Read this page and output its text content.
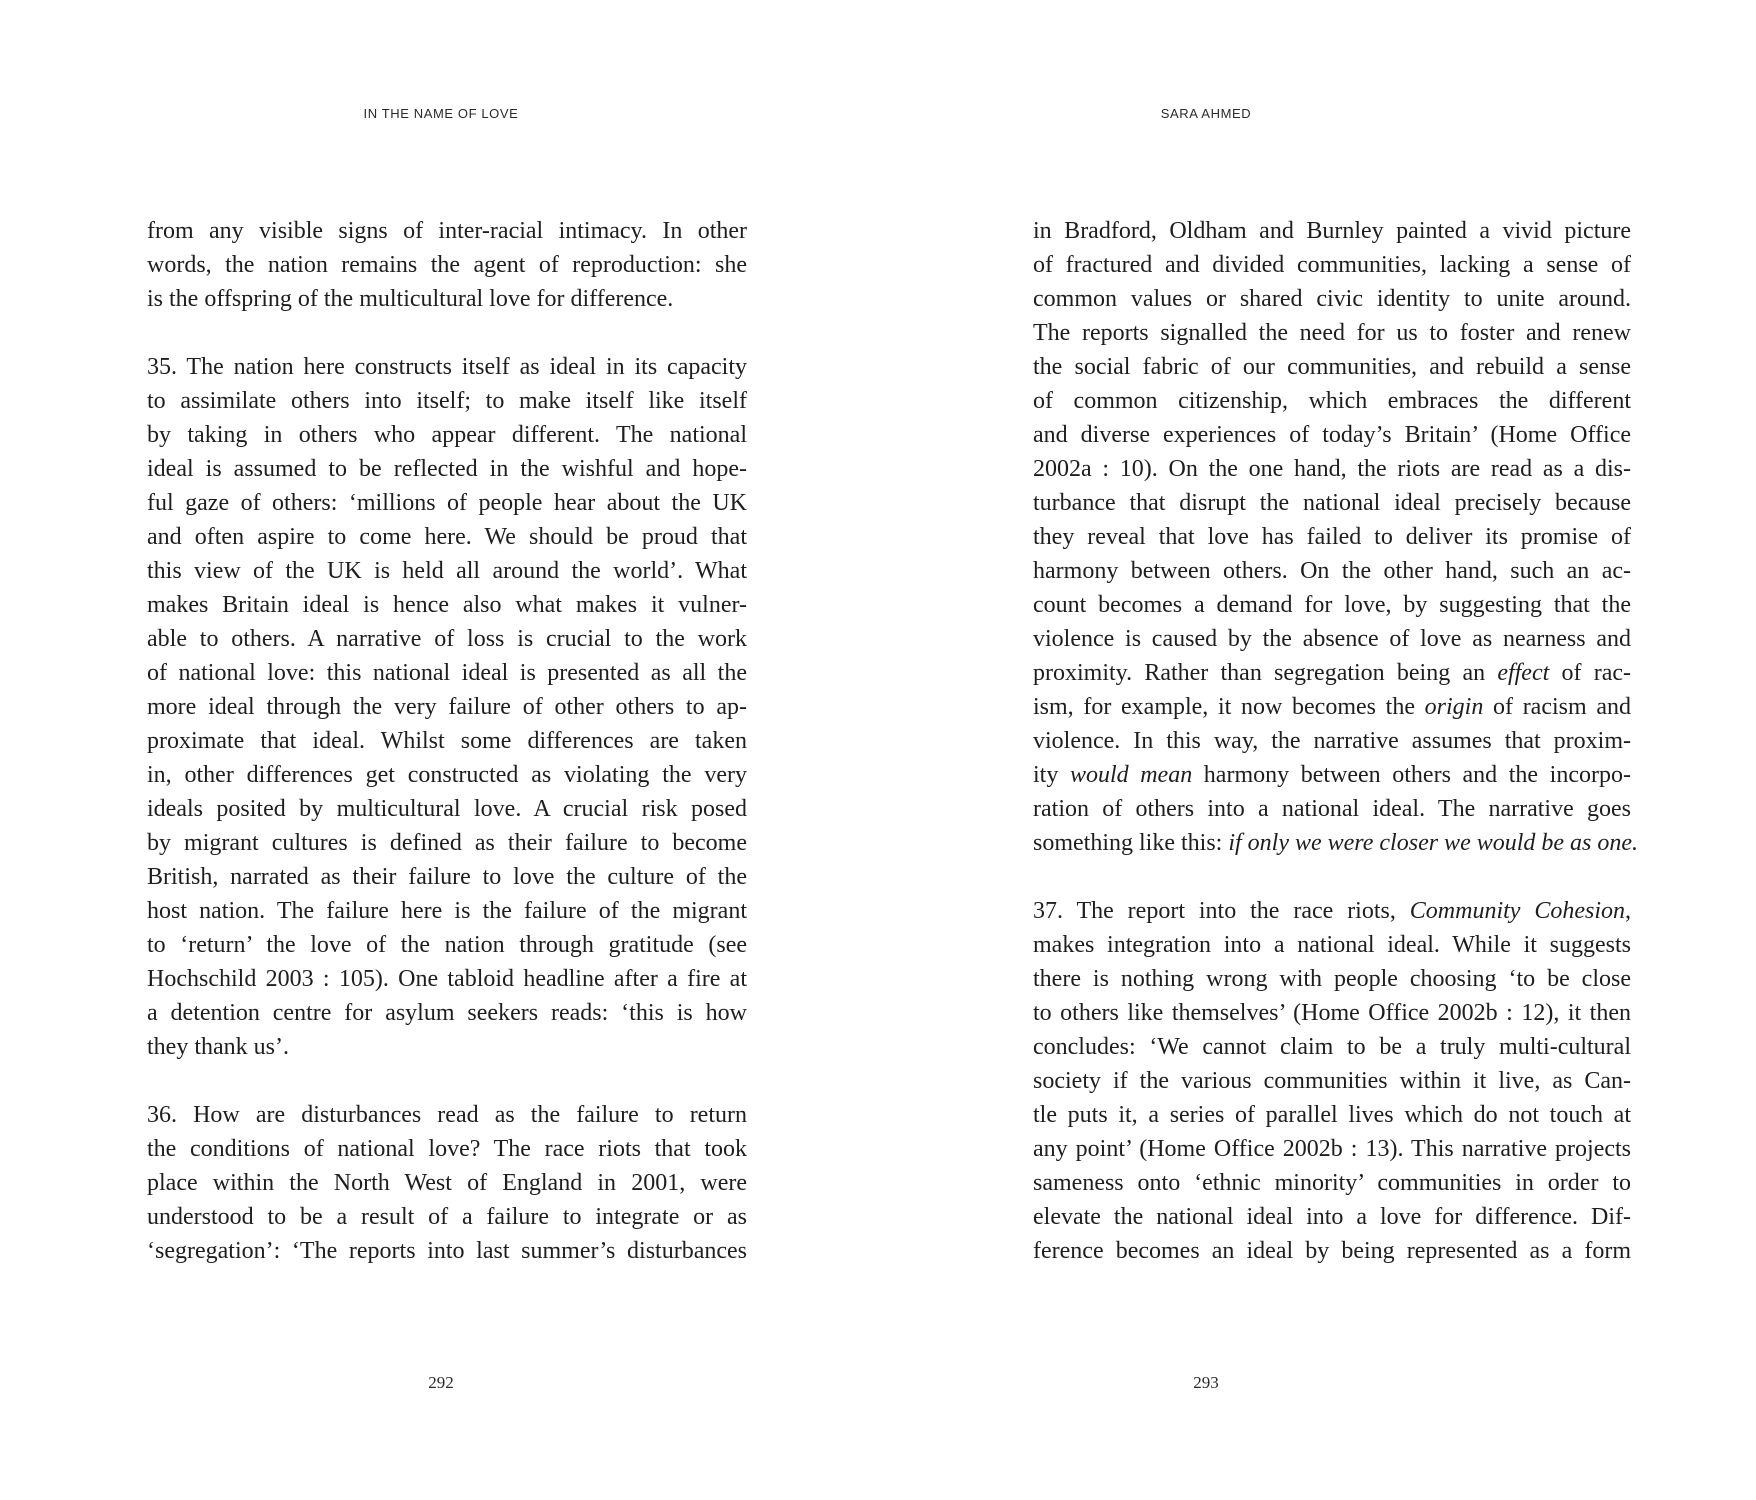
IN THE NAME OF LOVE
from any visible signs of inter-racial intimacy. In other
words, the nation remains the agent of reproduction: she
is the offspring of the multicultural love for difference.
35. The nation here constructs itself as ideal in its capacity
to assimilate others into itself; to make itself like itself
by taking in others who appear different. The national
ideal is assumed to be reflected in the wishful and hope-
ful gaze of others: ‘millions of people hear about the UK
and often aspire to come here. We should be proud that
this view of the UK is held all around the world’. What
makes Britain ideal is hence also what makes it vulner-
able to others. A narrative of loss is crucial to the work
of national love: this national ideal is presented as all the
more ideal through the very failure of other others to ap-
proximate that ideal. Whilst some differences are taken
in, other differences get constructed as violating the very
ideals posited by multicultural love. A crucial risk posed
by migrant cultures is defined as their failure to become
British, narrated as their failure to love the culture of the
host nation. The failure here is the failure of the migrant
to ‘return’ the love of the nation through gratitude (see
Hochschild 2003 : 105). One tabloid headline after a fire at
a detention centre for asylum seekers reads: ‘this is how
they thank us’.
36. How are disturbances read as the failure to return
the conditions of national love? The race riots that took
place within the North West of England in 2001, were
understood to be a result of a failure to integrate or as
‘segregation’: ‘The reports into last summer’s disturbances
292
SARA AHMED
in Bradford, Oldham and Burnley painted a vivid picture
of fractured and divided communities, lacking a sense of
common values or shared civic identity to unite around.
The reports signalled the need for us to foster and renew
the social fabric of our communities, and rebuild a sense
of common citizenship, which embraces the different
and diverse experiences of today’s Britain’ (Home Office
2002a : 10). On the one hand, the riots are read as a dis-
turbance that disrupt the national ideal precisely because
they reveal that love has failed to deliver its promise of
harmony between others. On the other hand, such an ac-
count becomes a demand for love, by suggesting that the
violence is caused by the absence of love as nearness and
proximity. Rather than segregation being an effect of rac-
ism, for example, it now becomes the origin of racism and
violence. In this way, the narrative assumes that proxim-
ity would mean harmony between others and the incorpo-
ration of others into a national ideal. The narrative goes
something like this: if only we were closer we would be as one.
37. The report into the race riots, Community Cohesion,
makes integration into a national ideal. While it suggests
there is nothing wrong with people choosing ‘to be close
to others like themselves’ (Home Office 2002b : 12), it then
concludes: ‘We cannot claim to be a truly multi-cultural
society if the various communities within it live, as Can-
tle puts it, a series of parallel lives which do not touch at
any point’ (Home Office 2002b : 13). This narrative projects
sameness onto ‘ethnic minority’ communities in order to
elevate the national ideal into a love for difference. Dif-
ference becomes an ideal by being represented as a form
293
